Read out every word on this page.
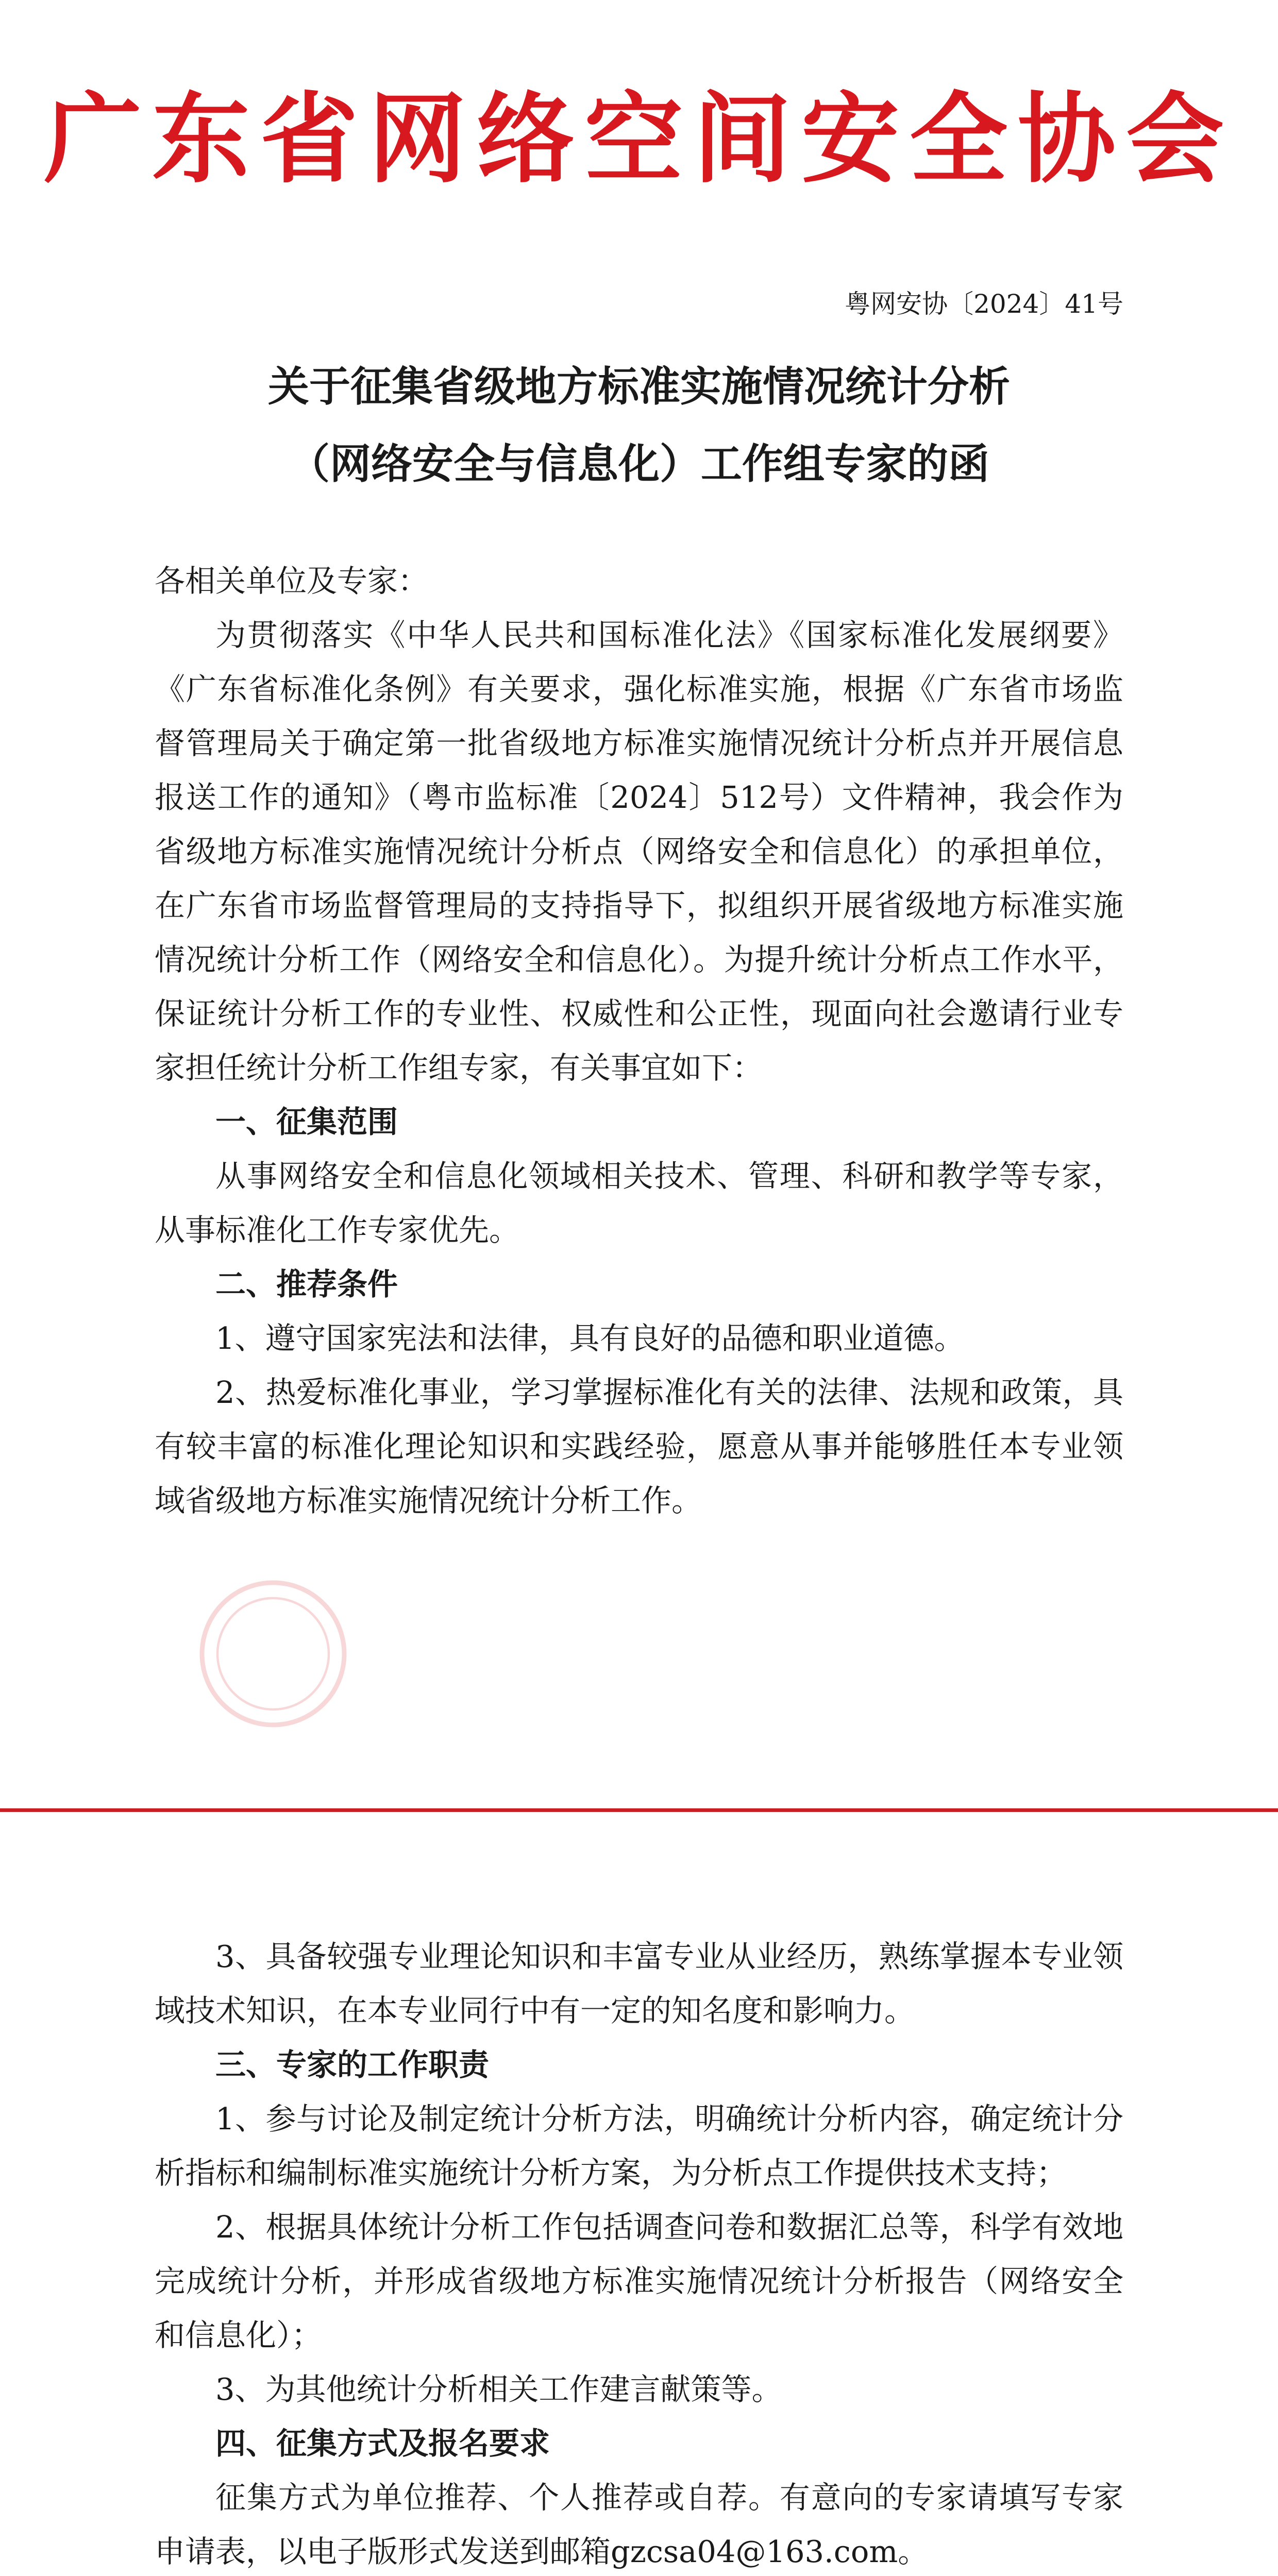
广东省网络空间安全协会
粤网安协〔2024〕41号
关于征集省级地方标准实施情况统计分析
（网络安全与信息化）工作组专家的函

各相关单位及专家：

为贯彻落实《中华人民共和国标准化法》《国家标准化发展纲要》《广东省标准化条例》有关要求，强化标准实施，根据《广东省市场监督管理局关于确定第一批省级地方标准实施情况统计分析点并开展信息报送工作的通知》（粤市监标准〔2024〕512号）文件精神，我会作为省级地方标准实施情况统计分析点（网络安全和信息化）的承担单位，在广东省市场监督管理局的支持指导下，拟组织开展省级地方标准实施情况统计分析工作（网络安全和信息化）。为提升统计分析点工作水平，保证统计分析工作的专业性、权威性和公正性，现面向社会邀请行业专家担任统计分析工作组专家，有关事宜如下：

一、征集范围

从事网络安全和信息化领域相关技术、管理、科研和教学等专家，从事标准化工作专家优先。

二、推荐条件

1、遵守国家宪法和法律，具有良好的品德和职业道德。

2、热爱标准化事业，学习掌握标准化有关的法律、法规和政策，具有较丰富的标准化理论知识和实践经验，愿意从事并能够胜任本专业领域省级地方标准实施情况统计分析工作。

3、具备较强专业理论知识和丰富专业从业经历，熟练掌握本专业领域技术知识，在本专业同行中有一定的知名度和影响力。

三、专家的工作职责

1、参与讨论及制定统计分析方法，明确统计分析内容，确定统计分析指标和编制标准实施统计分析方案，为分析点工作提供技术支持；

2、根据具体统计分析工作包括调查问卷和数据汇总等，科学有效地完成统计分析，并形成省级地方标准实施情况统计分析报告（网络安全和信息化）；

3、为其他统计分析相关工作建言献策等。

四、征集方式及报名要求

征集方式为单位推荐、个人推荐或自荐。有意向的专家请填写专家申请表，以电子版形式发送到邮箱gzcsa04@163.com。
